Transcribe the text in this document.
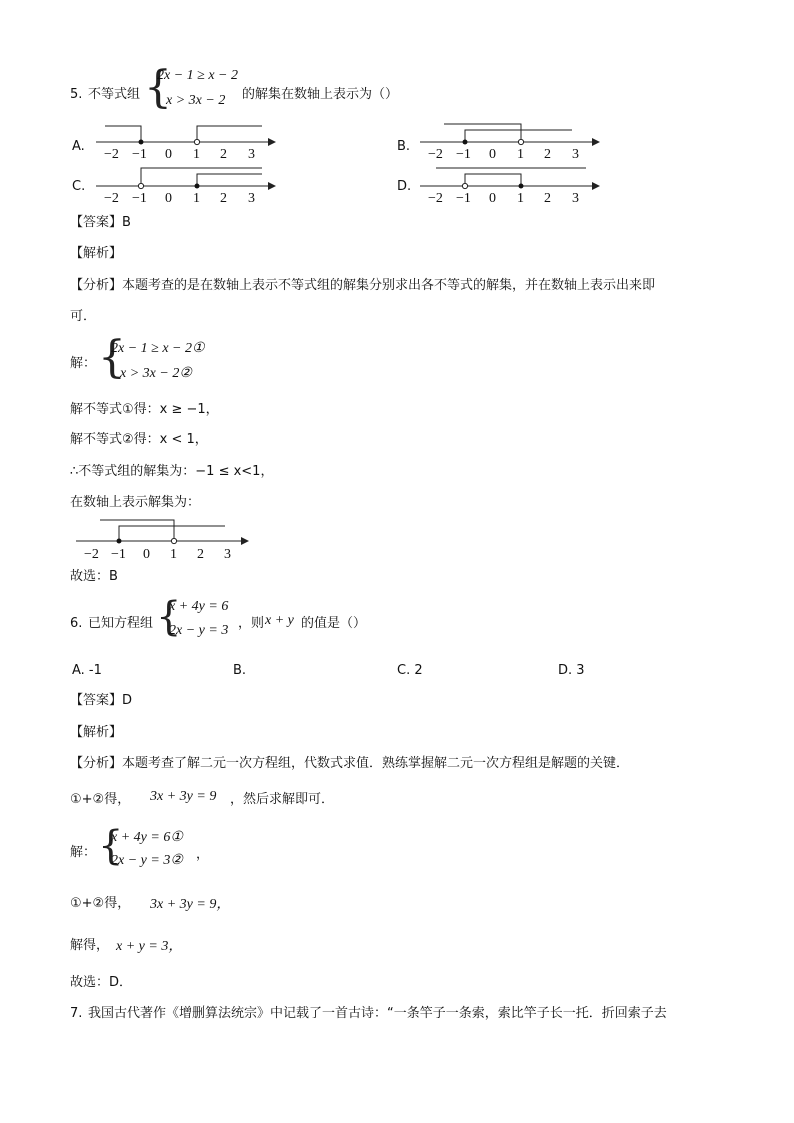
5. 不等式组 {
2x − 1 ≥ x − 2
x > 3x − 2 的解集在数轴上表示为（）
A.
C.
B.
D.
−2 −1 0 1 2 3
−2 −1 0 1 2 3
−2 −1 0 1 2 3
−2 −1 0 1 2 3
【答案】B
【解析】
【分析】本题考查的是在数轴上表示不等式组的解集分别求出各不等式的解集，并在数轴上表示出来即
可．
解： {
2x − 1 ≥ x − 2①
x > 3x − 2②
解不等式①得：x ≥ −1，
解不等式②得：x < 1，
∴不等式组的解集为：−1 ≤ x<1，
在数轴上表示解集为：
−2 −1 0 1 2 3
故选：B
6. 已知方程组 {
x + 4y = 6
2x − y = 3 ，则 x + y 的值是（）
A. -1	B.	C. 2	D. 3
【答案】D
【解析】
【分析】本题考查了解二元一次方程组，代数式求值．熟练掌握解二元一次方程组是解题的关键．
①+②得， 3x + 3y = 9 ，然后求解即可．
解： {
x + 4y = 6①
2x − y = 3② ，
①+②得， 3x + 3y = 9，
解得， x + y = 3，
故选：D．
7. 我国古代著作《增删算法统宗》中记载了一首古诗：“一条竿子一条索，索比竿子长一托．折回索子去
